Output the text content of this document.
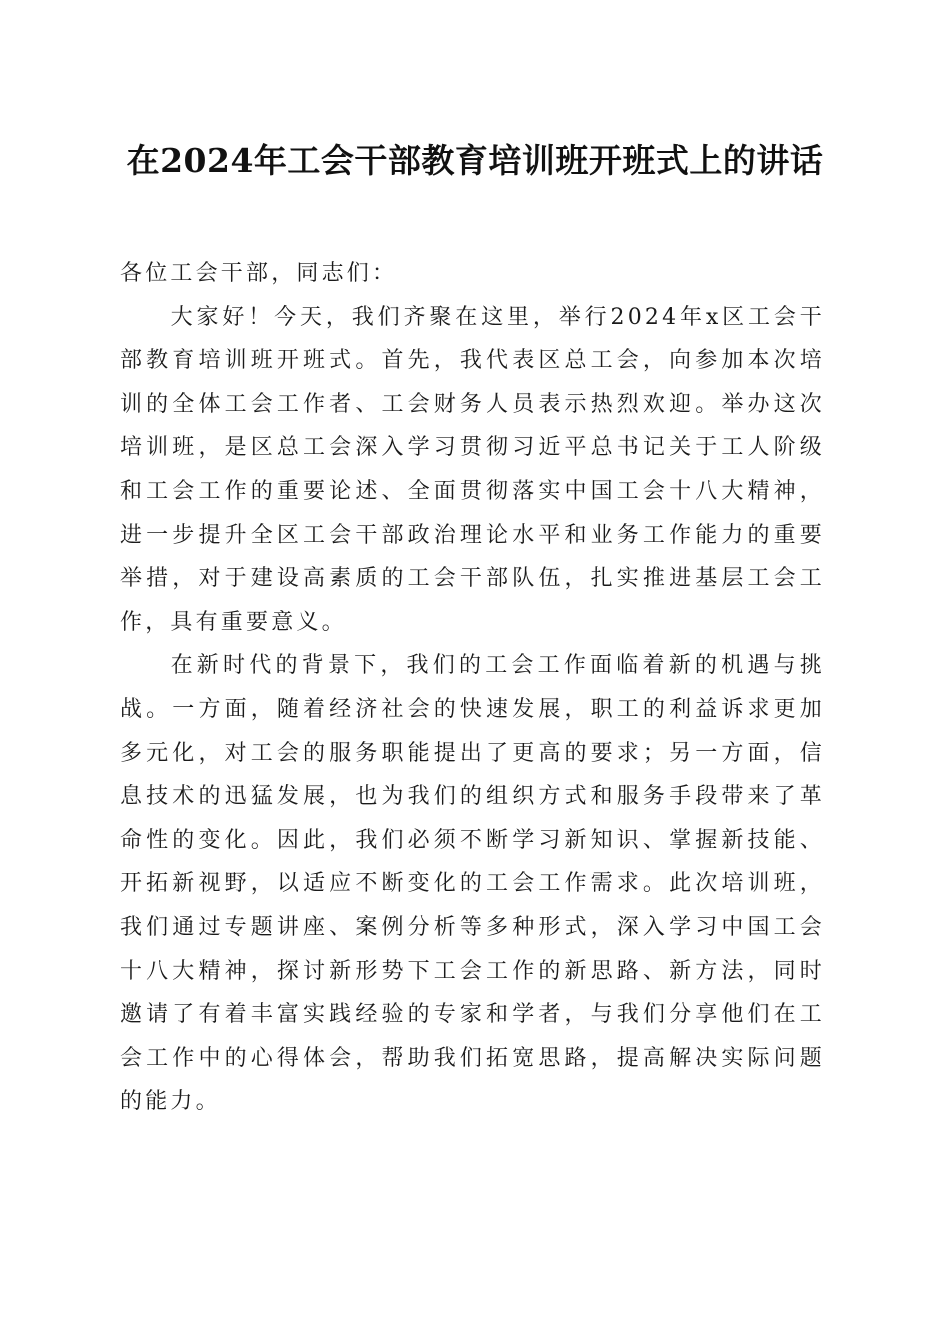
在2024年工会干部教育培训班开班式上的讲话

各位工会干部，同志们：

大家好！今天，我们齐聚在这里，举行2024年x区工会干部教育培训班开班式。首先，我代表区总工会，向参加本次培训的全体工会工作者、工会财务人员表示热烈欢迎。举办这次培训班，是区总工会深入学习贯彻习近平总书记关于工人阶级和工会工作的重要论述、全面贯彻落实中国工会十八大精神，进一步提升全区工会干部政治理论水平和业务工作能力的重要举措，对于建设高素质的工会干部队伍，扎实推进基层工会工作，具有重要意义。

在新时代的背景下，我们的工会工作面临着新的机遇与挑战。一方面，随着经济社会的快速发展，职工的利益诉求更加多元化，对工会的服务职能提出了更高的要求；另一方面，信息技术的迅猛发展，也为我们的组织方式和服务手段带来了革命性的变化。因此，我们必须不断学习新知识、掌握新技能、开拓新视野，以适应不断变化的工会工作需求。此次培训班，我们通过专题讲座、案例分析等多种形式，深入学习中国工会十八大精神，探讨新形势下工会工作的新思路、新方法，同时邀请了有着丰富实践经验的专家和学者，与我们分享他们在工会工作中的心得体会，帮助我们拓宽思路，提高解决实际问题的能力。
